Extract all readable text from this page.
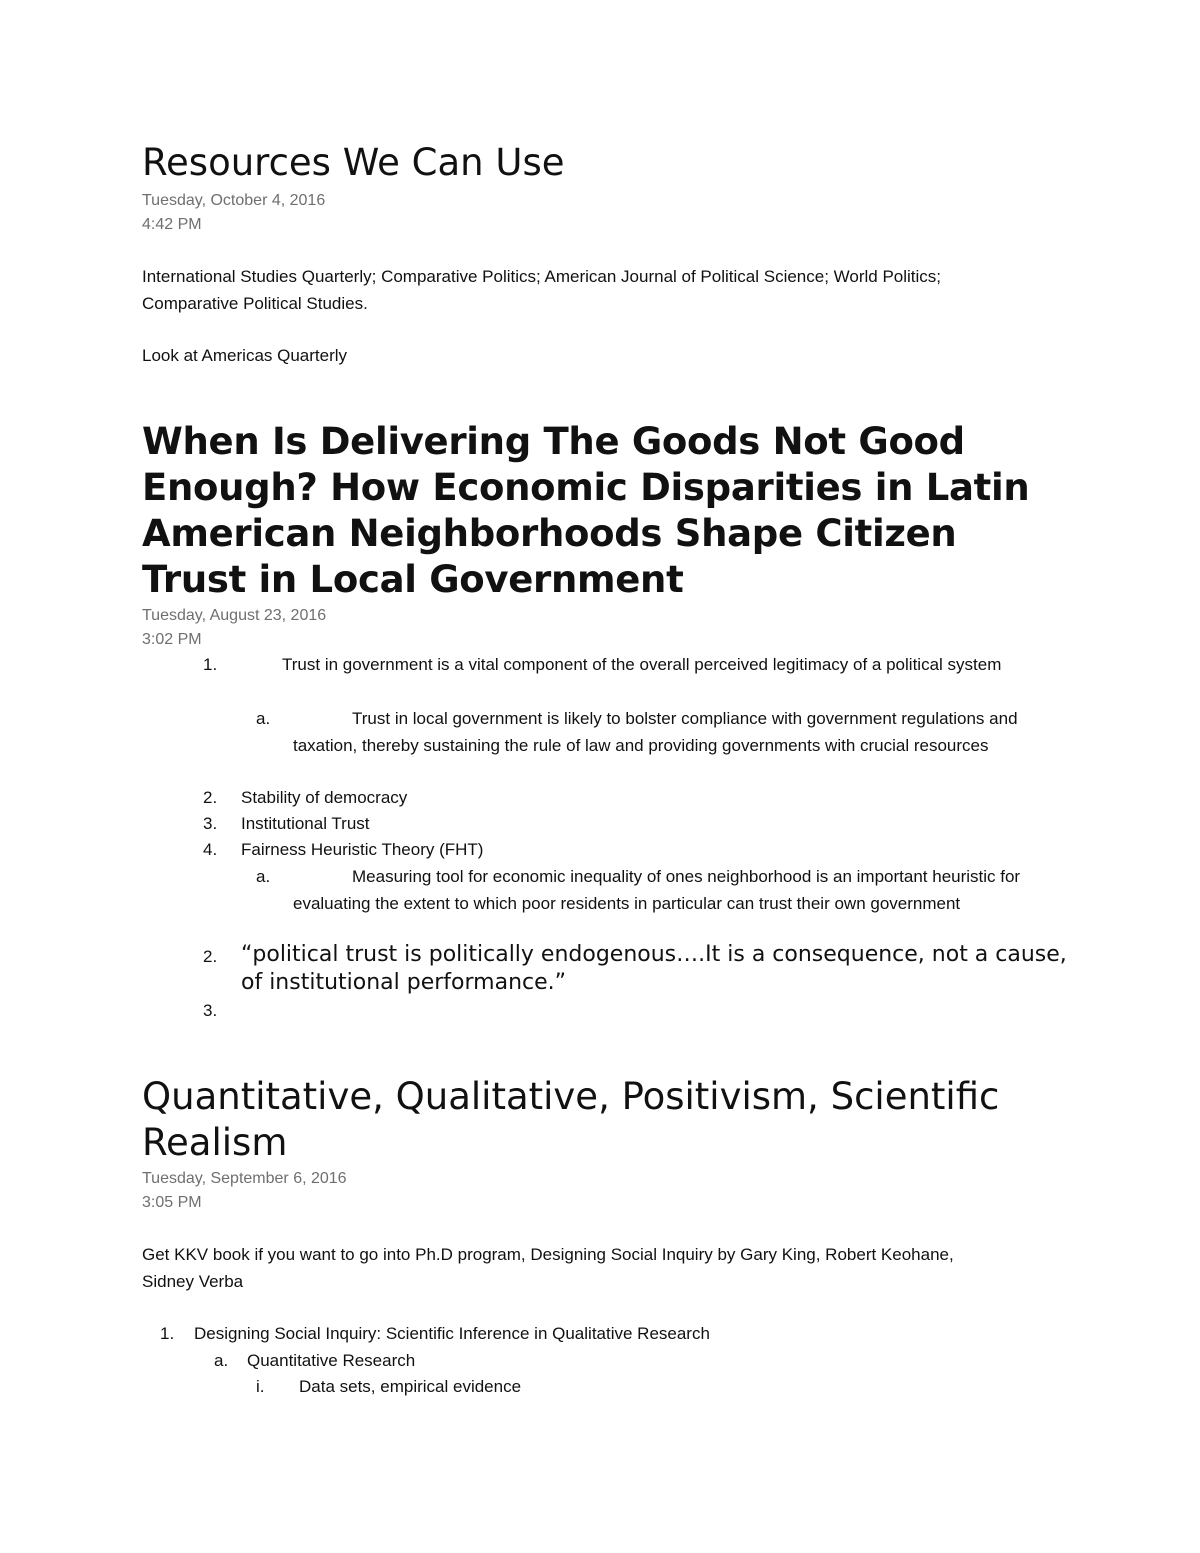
Resources We Can Use
Tuesday, October 4, 2016
4:42 PM
International Studies Quarterly; Comparative Politics; American Journal of Political Science; World Politics; Comparative Political Studies.
Look at Americas Quarterly
When Is Delivering The Goods Not Good Enough? How Economic Disparities in Latin American Neighborhoods Shape Citizen Trust in Local Government
Tuesday, August 23, 2016
3:02 PM
1.	Trust in government is a vital component of the overall perceived legitimacy of a political system
a.	Trust in local government is likely to bolster compliance with government regulations and taxation, thereby sustaining the rule of law and providing governments with crucial resources
2. Stability of democracy
3. Institutional Trust
4. Fairness Heuristic Theory (FHT)
a.	Measuring tool for economic inequality of ones neighborhood is an important heuristic for evaluating the extent to which poor residents in particular can trust their own government
2. “political trust is politically endogenous….It is a consequence, not a cause, of institutional performance.”
3.
Quantitative, Qualitative, Positivism, Scientific Realism
Tuesday, September 6, 2016
3:05 PM
Get KKV book if you want to go into Ph.D program, Designing Social Inquiry by Gary King, Robert Keohane, Sidney Verba
1. Designing Social Inquiry: Scientific Inference in Qualitative Research
a. Quantitative Research
i. Data sets, empirical evidence
